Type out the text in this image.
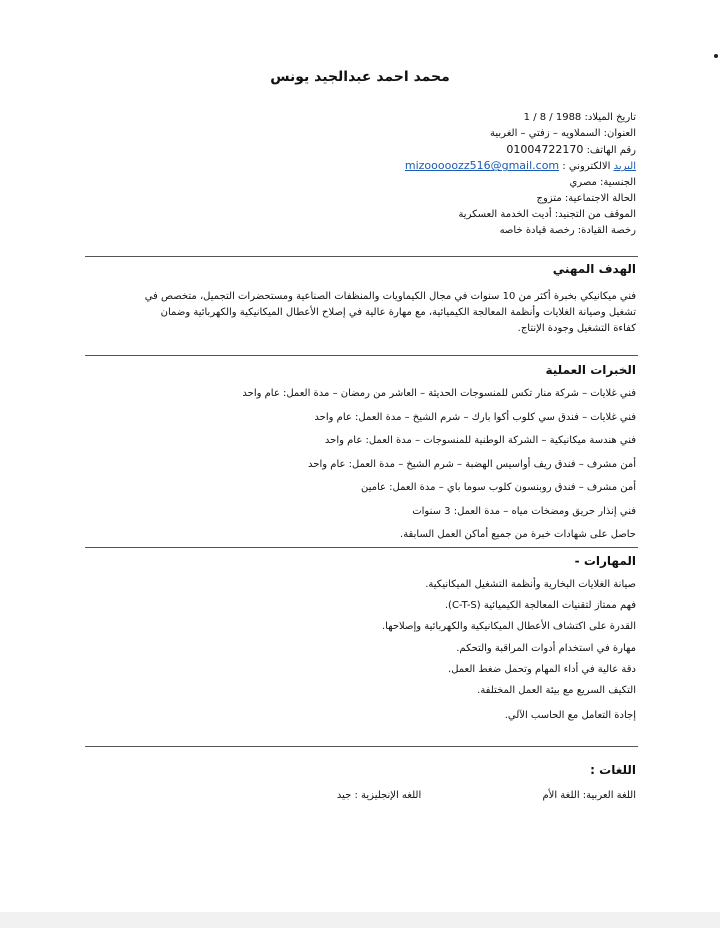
محمد احمد عبدالجيد يونس
تاريخ الميلاد: 1 / 8 / 1988
العنوان: السملاويه – زفتي – الغربية
رقم الهاتف: 01004722170
البريد الالكتروني : mizooooozz516@gmail.com
الجنسية: مصري
الحالة الاجتماعية: متزوج
الموقف من التجنيد: أديت الخدمة العسكرية
رخصة القيادة: رخصة قيادة خاصه
الهدف المهني
فني ميكانيكي بخبرة أكثر من 10 سنوات في مجال الكيماويات والمنظفات الصناعية ومستحضرات التجميل، متخصص في
تشغيل وصيانة الغلايات وأنظمة المعالجة الكيميائية، مع مهارة عالية في إصلاح الأعطال الميكانيكية والكهربائية وضمان
كفاءة التشغيل وجودة الإنتاج.
الخبرات العملية
فني غلايات – شركة منار تكس للمنسوجات الحديثة – العاشر من رمضان – مدة العمل: عام واحد
فني غلايات – فندق سي كلوب أكوا بارك – شرم الشيخ – مدة العمل: عام واحد
فني هندسة ميكانيكية – الشركة الوطنية للمنسوجات – مدة العمل: عام واحد
أمن مشرف – فندق ريف أواسيس الهضبة – شرم الشيخ – مدة العمل: عام واحد
أمن مشرف – فندق روبنسون كلوب سوما باي – مدة العمل: عامين
فني إنذار حريق ومضخات مياه – مدة العمل: 3 سنوات
حاصل على شهادات خبرة من جميع أماكن العمل السابقة.
المهارات -
صيانة الغلايات البخارية وأنظمة التشغيل الميكانيكية.
فهم ممتاز لتقنيات المعالجة الكيميائية (C-T-S).
القدرة على اكتشاف الأعطال الميكانيكية والكهربائية وإصلاحها.
مهارة في استخدام أدوات المراقبة والتحكم.
دقة عالية في أداء المهام وتحمل ضغط العمل.
التكيف السريع مع بيئة العمل المختلفة.
إجادة التعامل مع الحاسب الآلي.
اللغات :
اللغة العربية: اللغة الأم اللغه الإنجليزية : جيد
